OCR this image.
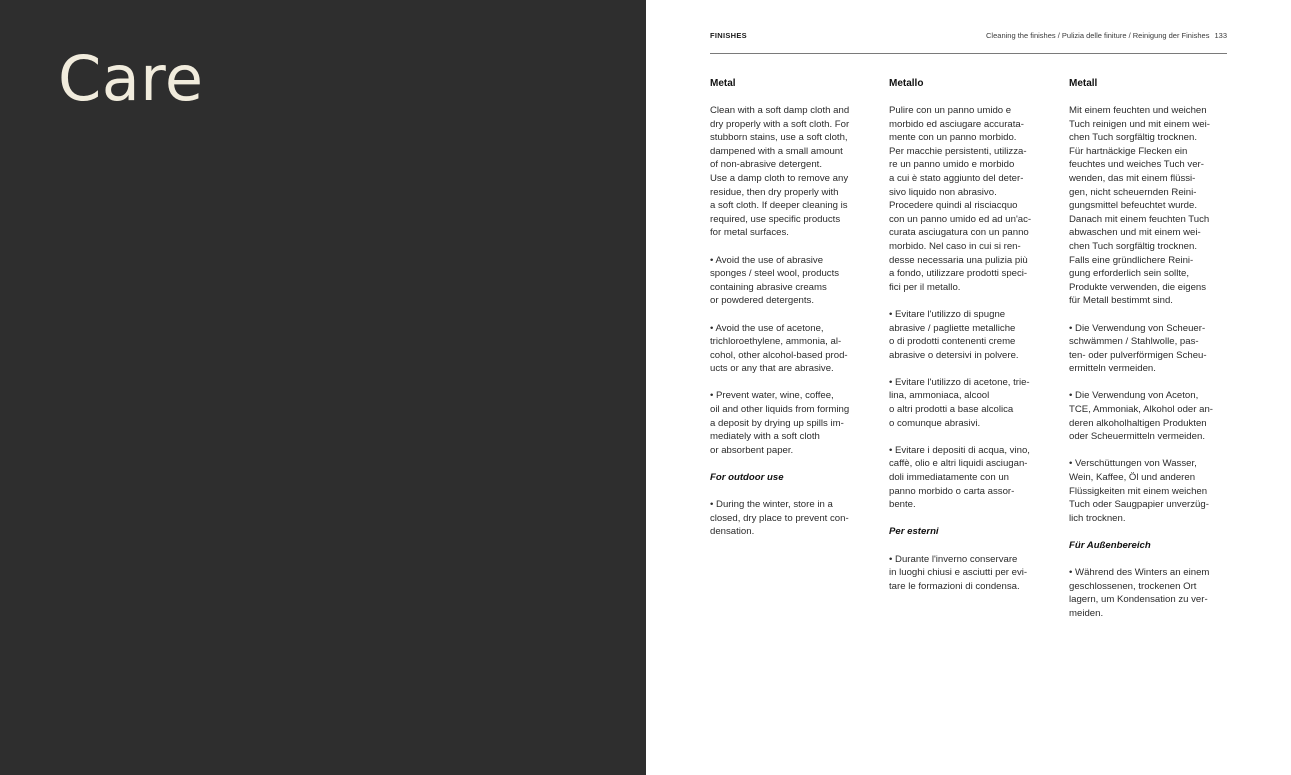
Care
FINISHES	Cleaning the finishes / Pulizia delle finiture / Reinigung der Finishes 133
Metal

Clean with a soft damp cloth and
dry properly with a soft cloth. For
stubborn stains, use a soft cloth,
dampened with a small amount
of non-abrasive detergent.
Use a damp cloth to remove any
residue, then dry properly with
a soft cloth. If deeper cleaning is
required, use specific products
for metal surfaces.

• Avoid the use of abrasive
sponges / steel wool, products
containing abrasive creams
or powdered detergents.

• Avoid the use of acetone,
trichloroethylene, ammonia, al-
cohol, other alcohol-based prod-
ucts or any that are abrasive.

• Prevent water, wine, coffee,
oil and other liquids from forming
a deposit by drying up spills im-
mediately with a soft cloth
or absorbent paper.

For outdoor use

• During the winter, store in a
closed, dry place to prevent con-
densation.

Metallo

Pulire con un panno umido e
morbido ed asciugare accurata-
mente con un panno morbido.
Per macchie persistenti, utilizza-
re un panno umido e morbido
a cui è stato aggiunto del deter-
sivo liquido non abrasivo.
Procedere quindi al risciacquo
con un panno umido ed ad un'ac-
curata asciugatura con un panno
morbido. Nel caso in cui si ren-
desse necessaria una pulizia più
a fondo, utilizzare prodotti speci-
fici per il metallo.

• Evitare l'utilizzo di spugne
abrasive / pagliette metalliche
o di prodotti contenenti creme
abrasive o detersivi in polvere.

• Evitare l'utilizzo di acetone, trie-
lina, ammoniaca, alcool
o altri prodotti a base alcolica
o comunque abrasivi.

• Evitare i depositi di acqua, vino,
caffè, olio e altri liquidi asciugan-
doli immediatamente con un
panno morbido o carta assor-
bente.

Per esterni

• Durante l'inverno conservare
in luoghi chiusi e asciutti per evi-
tare le formazioni di condensa.

Metall

Mit einem feuchten und weichen
Tuch reinigen und mit einem wei-
chen Tuch sorgfältig trocknen.
Für hartnäckige Flecken ein
feuchtes und weiches Tuch ver-
wenden, das mit einem flüssi-
gen, nicht scheuernden Reini-
gungsmittel befeuchtet wurde.
Danach mit einem feuchten Tuch
abwaschen und mit einem wei-
chen Tuch sorgfältig trocknen.
Falls eine gründlichere Reini-
gung erforderlich sein sollte,
Produkte verwenden, die eigens
für Metall bestimmt sind.

• Die Verwendung von Scheuer-
schwämmen / Stahlwolle, pas-
ten- oder pulverförmigen Scheu-
ermitteln vermeiden.

• Die Verwendung von Aceton,
TCE, Ammoniak, Alkohol oder an-
deren alkoholhaltigen Produkten
oder Scheuermitteln vermeiden.

• Verschüttungen von Wasser,
Wein, Kaffee, Öl und anderen
Flüssigkeiten mit einem weichen
Tuch oder Saugpapier unverzüg-
lich trocknen.

Für Außenbereich

• Während des Winters an einem
geschlossenen, trockenen Ort
lagern, um Kondensation zu ver-
meiden.
